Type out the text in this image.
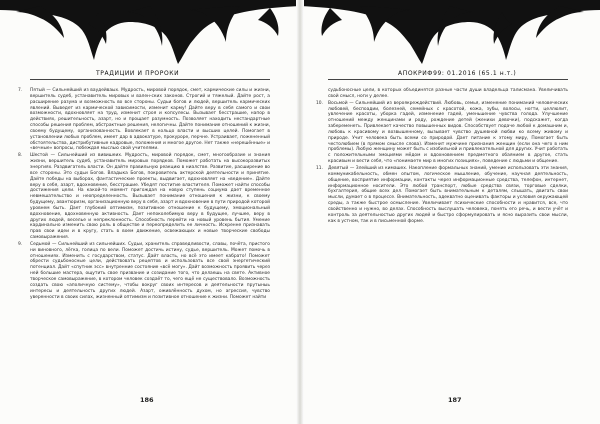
ТРАДИЦИИ И ПРОРОКИ
7. Пятый — Сильнейший из ваудейваых. Мудрость, мировой порядок, смет, кармические силы и жизни, вершитель судеб, устанавитель мировых и вален-ских законов. Строгий и тяжелый. Дайте рост, а расширение разума и возможность во все стороны. Судьи богов и людей, вершитель кармических явлений. Выведет из кармической зависимости, изменит карму! Дайте веру в себя самого и свои возможности, вдохновляет на труд, изменит строя и копсулесы. Вызывает бесстрашие, напор в действиях, решительность, азарт, но и прощает разумность. Позволяет находить нестандартные способы решения проблем, абстрактные решения, нелогичны. Дайте понимание отношений к жизни, своему будущему, организованность. Вовлекает в кольцо власти и высших целей. Помогает в установлении любых проблем, имеет дар в адвокатуре, прокуроре, перчне. Устраивает, пожененный обстоятельства, дистрибутивные кадровые, положения и многое другое. Нет также «нерешённые» и «вечные» вопросы, побеждая мыслью свой учителями.
8. Шестой — Сильнейший из вивишеих. Мудрость, мировой порядок, смет, многообразие и знания жизни, вершитель судеб, устанавитель мировых порядков. Поможет работать на высокоразвитых энергиях. Раздвигатель власти. Он дайте правильную реакцию в ниалстве. Развитие, расширение во все стороны. Это судьи Богов. Владыка Богов, покровитель актерской деятельности и принятие. Дайте победы на выборах, фантастические проекты, выдвигает, вдохновляет на «ведение». Дайте веру в себя, азарт, вдохновение, бесстрашие. Убедят поститие властителя. Поможет найти способы достижения цели. На какой-то момент пригождая на новую ступень социума дает временное невмешательство и неопределенность. Вызывает понимание отношения к жизни, к своему будущему, авантюризм, организационную веру в себя, азарт и вдохновение в пути природой которой уровнем быть. Дает глубокий оптимизм, позитивное отношение к будущему, эмоциональный вдохновение, вдохновенную активность. Дает непоколебимую веру в будущее, лучшее, веру в других людей, веселье и непреклонность. Способность перейти на новый уровень бытия. Умение кардинально изменить свою роль в обществе и переопределить ее личность. Искренне признавать прав свои идеи и в кругу, стать в воем движение, освежающих и новые творческие свободы самовыражения.
9. Седьмой — Сильнейший из сильнейших. Судьи, хранитель справедливости, славы, почёта, пристого ни виновного, лёгка, голица по вели. Поможет достичь истину, судье, вершитель. Может помочь в отношениях. Изменить с государством, статус. Дайт власть, но всё это имеет кабрато! Поможет обрести судьбоносные цели, действовать рецептов и использовать все свой энергетический потенциал. Дайт «спутник эсс» внутренние состояние «всё могу». Дайт возможность проявить через ней большие мастера, ощутить свое призвание и созидание того, что делаешь на свете. Активное творческое самовыражение, в котором человек создаёт то, чего ещё не существовало. Возможность создать свою «аполичную систему», чтобы вокруг своих интересов и деятельности прутыныь интересы и деятельность других людей. Азарт, оживлённость духом, но агрессия, чувство уверенности в своих силах, жизненный оптимизм и позитивное отношение к жизни. Поможет найти
186
АПОКРИФ99: 01.2016 (65.1 н.т.)
судьбоносные цели, в которых объединятся разные части души владельца талисмана. Увеличивать свой смысл, ноги у делее.
10. Восьмой — Сильнейший из вероякреждействий. Любовь, семья, изменение пониманий человеческих любовей, беспоадии, болезней, семейных с красотой, кожа, зубы, волосы, ногти, целлюлит, увлечение красоты, уборка гадей, изменение гадей, уменьшение чувства голода. Улучшение отношений между женщинами и роду, рождение детей (женихи девочки), подскажет, когда забеременеть. Привлекает качество повышенных видов. Способствует подаче любой к домашним и, любовь к красивому и возвышенному, вызывает чувство душевной любви ко всему живому и природе. Учит человека быть всеми со природой. Дает питание к этому миру, Помогает быть честолюбием (в прямом смысле слова). Изменит мужчине признания женщин (если она чего в ним проблемы). Любую женщину может быть с изобильной и привлекательной для других. Учит работать с положительными эмоциями мёдом и вдохновением предметного обаянием в другое, стать красивым и вести себя, что «понимаете мир в многих позициях», поведение с людьми и общение.
11. Девятый — Злейший из кимашех. Накопление формальных знаний, умение использовать эти знания, коммуникабельность, обмен опытом, логическое мышление, обучение, научная деятельность, общение, восприятие информации, контакты через информационные средства, телефон, интернет, информационное носители. Это любой транспорт, любые средства связи, торговые сделки, бухгалтерия, общие всех дел. Помогает быть внимательным к деталям, слышать, двигать свои мысли, думает о в процессе. Внимательность, адекватно оценивать факторы и условия окружающей среды, а также быстрое осмысление. Увеличивает психические способности и нравится, все, что свойственно и нужно, во делах. Способность выслушать человека, понять его речь, и вести учёт и контроль за деятельностью других людей и быстро сформулировать и ясно выразить свои мысли, как в устном, так и в письменной форме.
187
